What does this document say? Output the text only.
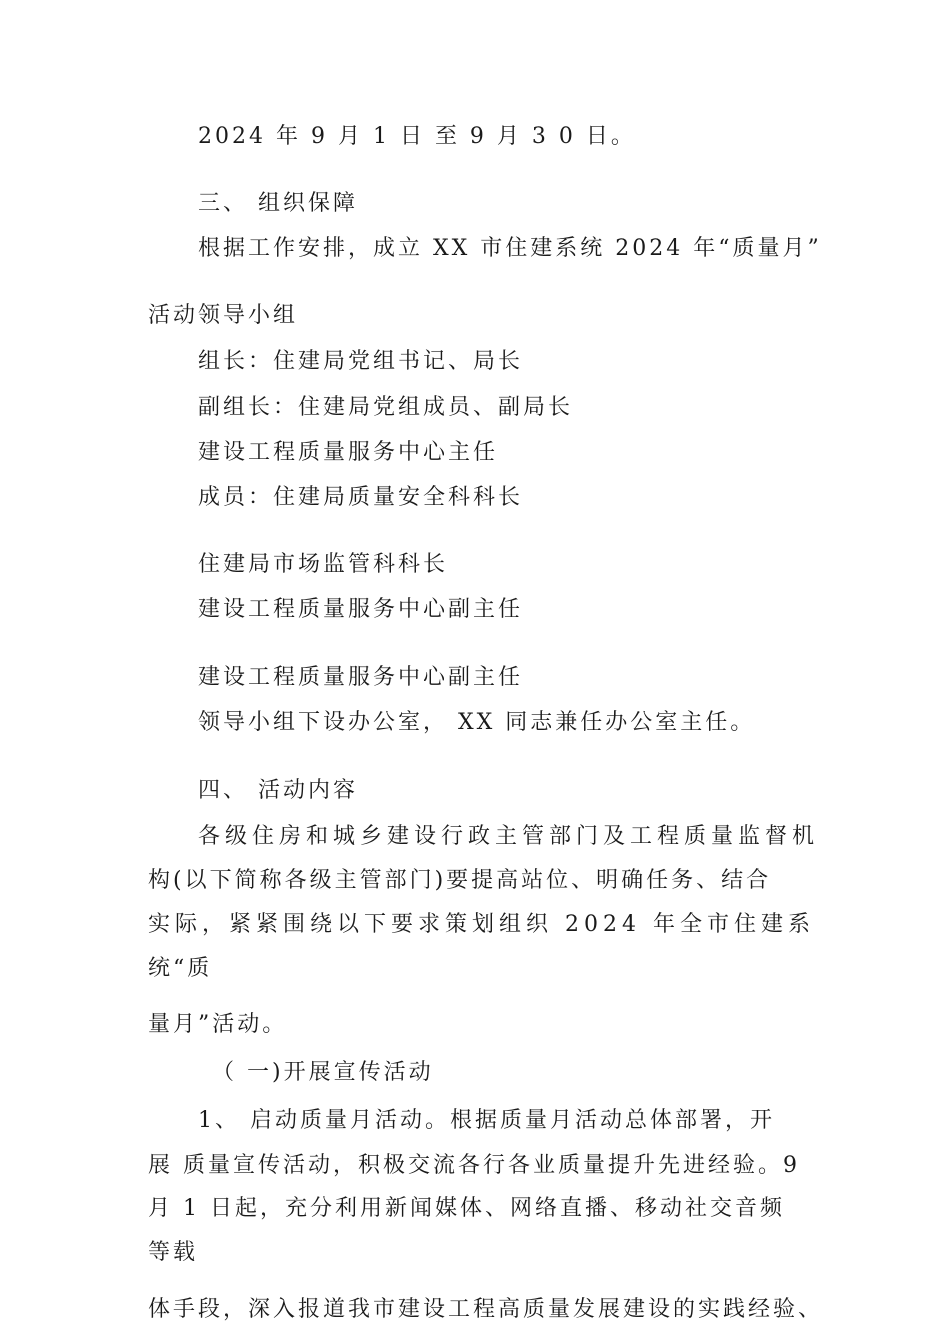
2024 年 9 月 1 日 至 9 月 3 0 日。
三、 组织保障
根据工作安排，成立 XX 市住建系统 2024 年“质量月”
活动领导小组
组长：住建局党组书记、局长
副组长：住建局党组成员、副局长
建设工程质量服务中心主任
成员：住建局质量安全科科长
住建局市场监管科科长
建设工程质量服务中心副主任
建设工程质量服务中心副主任
领导小组下设办公室， XX 同志兼任办公室主任。
四、 活动内容
各级住房和城乡建设行政主管部门及工程质量监督机
构(以下简称各级主管部门)要提高站位、明确任务、结合
实际，紧紧围绕以下要求策划组织 2024 年全市住建系
统“质
量月”活动。
（ 一)开展宣传活动
1、 启动质量月活动。根据质量月活动总体部署，开
展 质量宣传活动，积极交流各行各业质量提升先进经验。9
月 1 日起，充分利用新闻媒体、网络直播、移动社交音频
等载
体手段，深入报道我市建设工程高质量发展建设的实践经验、
